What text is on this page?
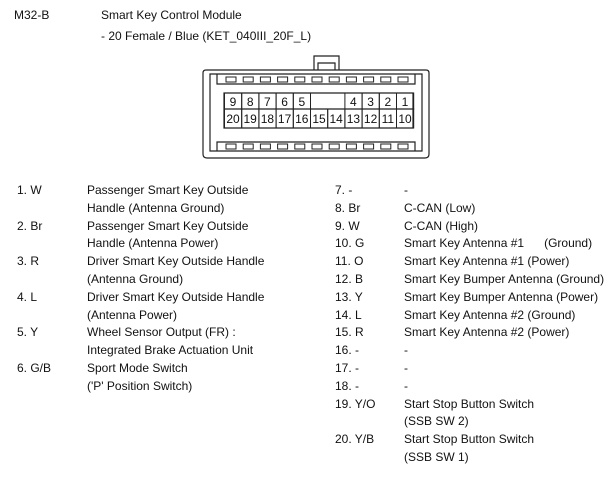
M32-B	Smart Key Control Module
- 20 Female / Blue (KET_040III_20F_L)
9 8 7 6 5	4 3 2 1
20 19 18 17 16 15 14 13 12 11 10
1. W	Passenger Smart Key Outside
Handle (Antenna Ground)
2. Br	Passenger Smart Key Outside
Handle (Antenna Power)
3. R	Driver Smart Key Outside Handle
(Antenna Ground)
4. L	Driver Smart Key Outside Handle
(Antenna Power)
5. Y	Wheel Sensor Output (FR) :
Integrated Brake Actuation Unit
6. G/B	Sport Mode Switch
('P' Position Switch)
7. -	-
8. Br	C-CAN (Low)
9. W	C-CAN (High)
10. G	Smart Key Antenna #1      (Ground)
11. O	Smart Key Antenna #1 (Power)
12. B	Smart Key Bumper Antenna (Ground)
13. Y	Smart Key Bumper Antenna (Power)
14. L	Smart Key Antenna #2 (Ground)
15. R	Smart Key Antenna #2 (Power)
16. -	-
17. -	-
18. -	-
19. Y/O Start Stop Button Switch
(SSB SW 2)
20. Y/B Start Stop Button Switch
(SSB SW 1)
